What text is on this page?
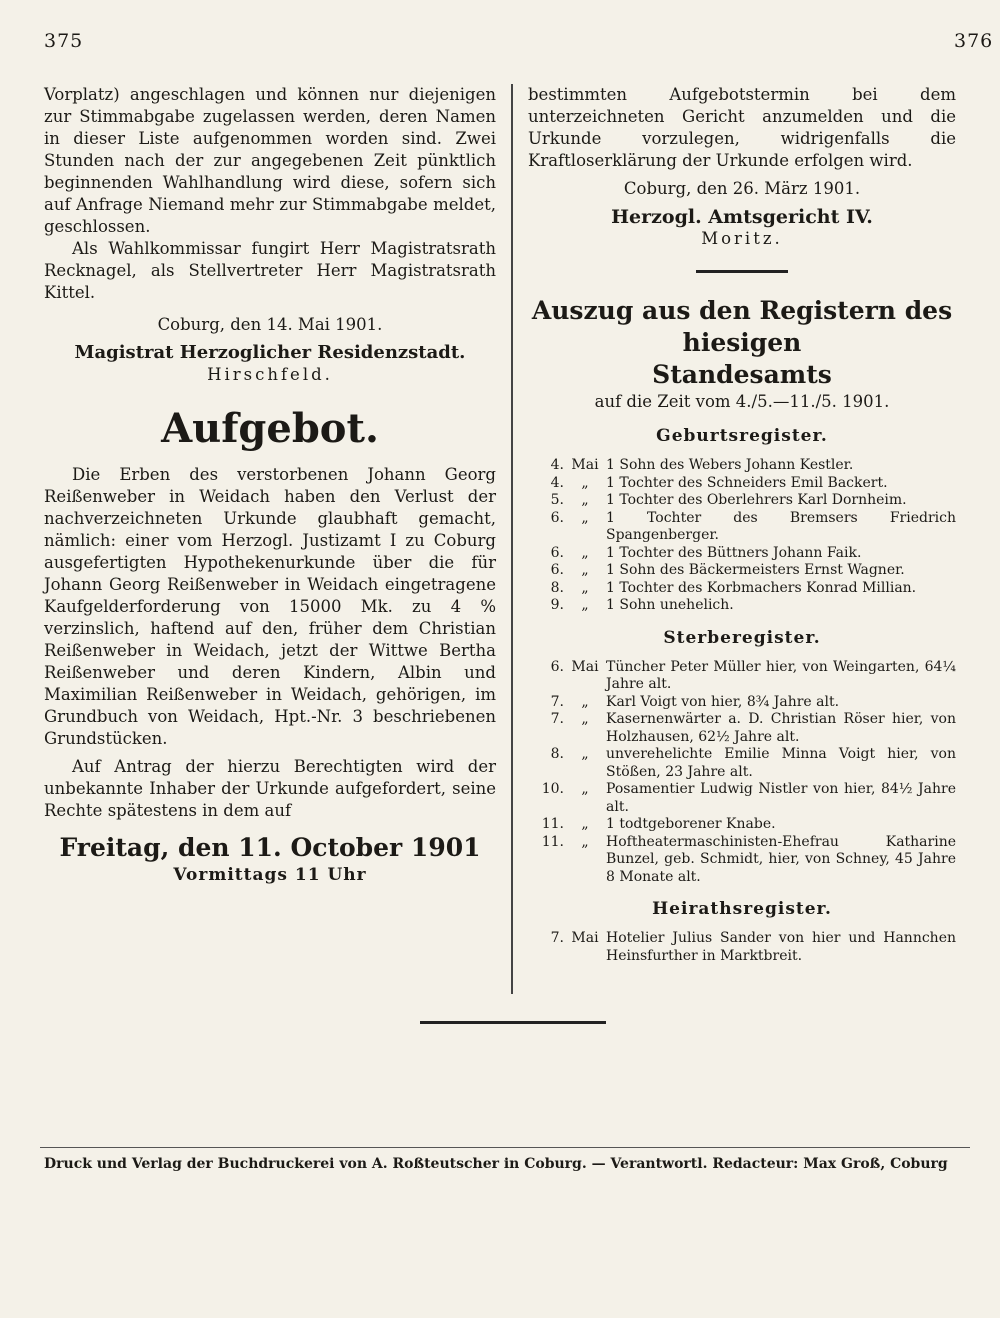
375	376

Vorplatz) angeschlagen und können nur diejenigen zur Stimmabgabe zugelassen werden, deren Namen in dieser Liste aufgenommen worden sind. Zwei Stunden nach der zur angegebenen Zeit pünktlich beginnenden Wahlhandlung wird diese, sofern sich auf Anfrage Niemand mehr zur Stimmabgabe meldet, geschlossen.

Als Wahlkommissar fungirt Herr Magistratsrath Recknagel, als Stellvertreter Herr Magistratsrath Kittel.

Coburg, den 14. Mai 1901.

Magistrat Herzoglicher Residenzstadt.

Hirschfeld.

Aufgebot.

Die Erben des verstorbenen Johann Georg Reißenweber in Weidach haben den Verlust der nachverzeichneten Urkunde glaubhaft gemacht, nämlich: einer vom Herzogl. Justizamt I zu Coburg ausgefertigten Hypothekenurkunde über die für Johann Georg Reißenweber in Weidach eingetragene Kaufgelderforderung von 15000 Mk. zu 4 % verzinslich, haftend auf den, früher dem Christian Reißenweber in Weidach, jetzt der Wittwe Bertha Reißenweber und deren Kindern, Albin und Maximilian Reißenweber in Weidach, gehörigen, im Grundbuch von Weidach, Hpt.-Nr. 3 beschriebenen Grundstücken.

Auf Antrag der hierzu Berechtigten wird der unbekannte Inhaber der Urkunde aufgefordert, seine Rechte spätestens in dem auf

Freitag, den 11. October 1901
Vormittags 11 Uhr

bestimmten Aufgebotstermin bei dem unterzeichneten Gericht anzumelden und die Urkunde vorzulegen, widrigenfalls die Kraftloserklärung der Urkunde erfolgen wird.

Coburg, den 26. März 1901.

Herzogl. Amtsgericht IV.

Moritz.

Auszug aus den Registern des hiesigen
Standesamts

auf die Zeit vom 4./5.—11./5. 1901.

Geburtsregister.
4.	Mai	1 Sohn des Webers Johann Kestler.
4.	„	1 Tochter des Schneiders Emil Backert.
5.	„	1 Tochter des Oberlehrers Karl Dornheim.
6.	„	1 Tochter des Bremsers Friedrich Spangenberger.
6.	„	1 Tochter des Büttners Johann Faik.
6.	„	1 Sohn des Bäckermeisters Ernst Wagner.
8.	„	1 Tochter des Korbmachers Konrad Millian.
9.	„	1 Sohn unehelich.
Sterberegister.
6.	Mai	Tüncher Peter Müller hier, von Weingarten, 64¼ Jahre alt.
7.	„	Karl Voigt von hier, 8¾ Jahre alt.
7.	„	Kasernenwärter a. D. Christian Röser hier, von Holzhausen, 62½ Jahre alt.
8.	„	unverehelichte Emilie Minna Voigt hier, von Stößen, 23 Jahre alt.
10.	„	Posamentier Ludwig Nistler von hier, 84½ Jahre alt.
11.	„	1 todtgeborener Knabe.
11.	„	Hoftheatermaschinisten-Ehefrau Katharine Bunzel, geb. Schmidt, hier, von Schney, 45 Jahre 8 Monate alt.
Heirathsregister.
7.	Mai	Hotelier Julius Sander von hier und Hannchen Heinsfurther in Marktbreit.
Druck und Verlag der Buchdruckerei von A. Roßteutscher in Coburg. — Verantwortl. Redacteur: Max Groß, Coburg
